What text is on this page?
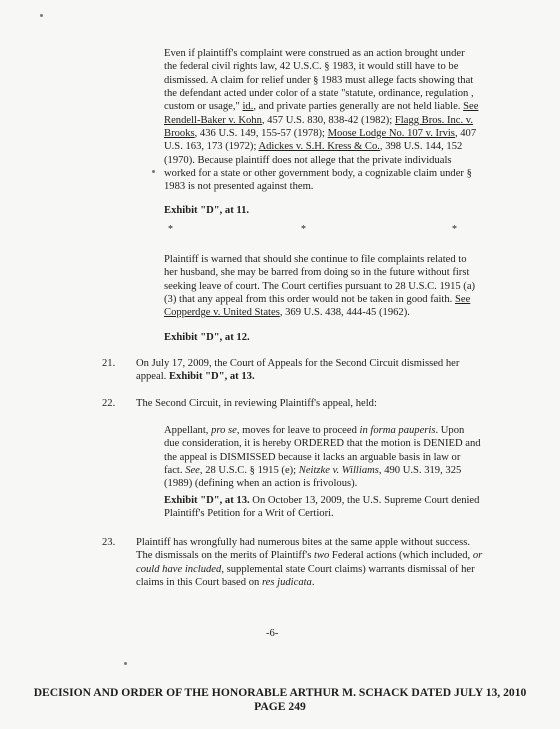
Even if plaintiff's complaint were construed as an action brought under
the federal civil rights law, 42 U.S.C. § 1983, it would still have to be
dismissed. A claim for relief under § 1983 must allege facts showing that
the defendant acted under color of a state "statute, ordinance, regulation ,
custom or usage," id., and private parties generally are not held liable. See
Rendell-Baker v. Kohn, 457 U.S. 830, 838-42 (1982); Flagg Bros. Inc. v.
Brooks, 436 U.S. 149, 155-57 (1978); Moose Lodge No. 107 v. Irvis, 407
U.S. 163, 173 (1972); Adickes v. S.H. Kress & Co., 398 U.S. 144, 152
(1970). Because plaintiff does not allege that the private individuals
worked for a state or other government body, a cognizable claim under §
1983 is not presented against them.
Exhibit "D", at 11.
*	*	*
Plaintiff is warned that should she continue to file complaints related to
her husband, she may be barred from doing so in the future without first
seeking leave of court. The Court certifies pursuant to 28 U.S.C. 1915 (a)
(3) that any appeal from this order would not be taken in good faith. See
Copperdge v. United States, 369 U.S. 438, 444-45 (1962).
Exhibit "D", at 12.
21. On July 17, 2009, the Court of Appeals for the Second Circuit dismissed her
appeal. Exhibit "D", at 13.
22. The Second Circuit, in reviewing Plaintiff's appeal, held:
Appellant, pro se, moves for leave to proceed in forma pauperis. Upon
due consideration, it is hereby ORDERED that the motion is DENIED and
the appeal is DISMISSED because it lacks an arguable basis in law or
fact. See, 28 U.S.C. § 1915 (e); Neitzke v. Williams, 490 U.S. 319, 325
(1989) (defining when an action is frivolous).
Exhibit "D", at 13. On October 13, 2009, the U.S. Supreme Court denied
Plaintiff's Petition for a Writ of Certiori.
23. Plaintiff has wrongfully had numerous bites at the same apple without success.
The dismissals on the merits of Plaintiff's two Federal actions (which included, or
could have included, supplemental state Court claims) warrants dismissal of her
claims in this Court based on res judicata.
-6-
DECISION AND ORDER OF THE HONORABLE ARTHUR M. SCHACK DATED JULY 13, 2010
PAGE 249
